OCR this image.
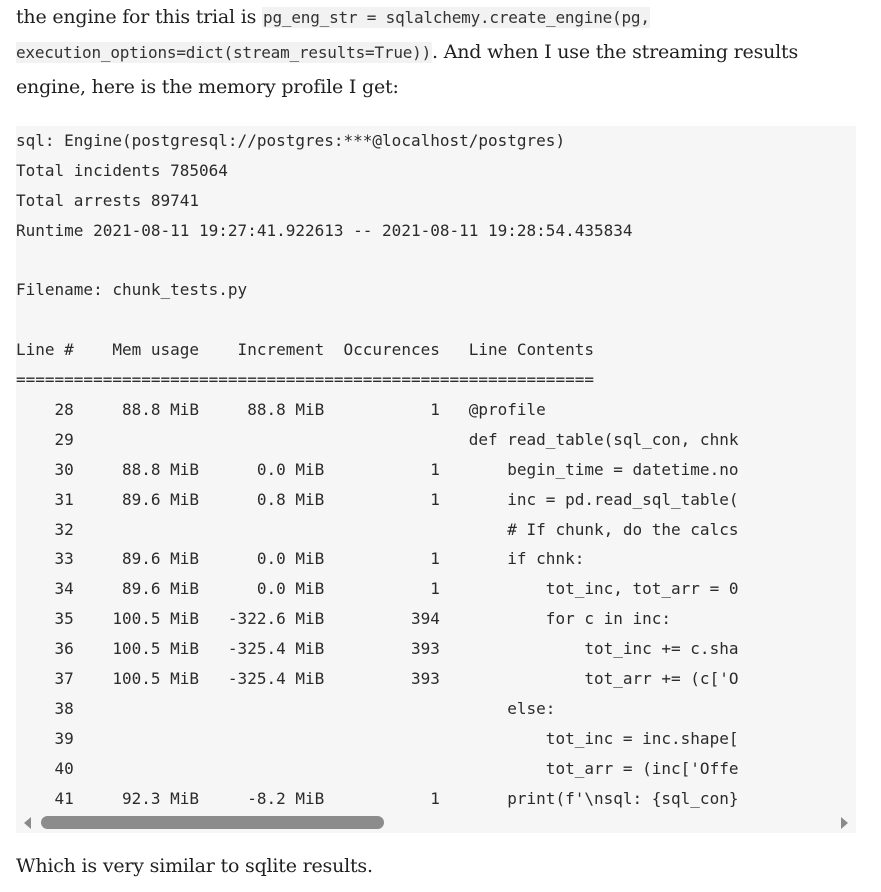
the engine for this trial is pg_eng_str = sqlalchemy.create_engine(pg, execution_options=dict(stream_results=True)). And when I use the streaming results engine, here is the memory profile I get:

sql: Engine(postgresql://postgres:***@localhost/postgres)
Total incidents 785064
Total arrests 89741
Runtime 2021-08-11 19:27:41.922613 -- 2021-08-11 19:28:54.435834

Filename: chunk_tests.py

Line #    Mem usage    Increment  Occurences   Line Contents
============================================================
28     88.8 MiB     88.8 MiB           1   @profile
29                                         def read_table(sql_con, chnk
30     88.8 MiB      0.0 MiB           1       begin_time = datetime.no
31     89.6 MiB      0.8 MiB           1       inc = pd.read_sql_table(
32                                             # If chunk, do the calcs
33     89.6 MiB      0.0 MiB           1       if chnk:
34     89.6 MiB      0.0 MiB           1           tot_inc, tot_arr = 0
35    100.5 MiB   -322.6 MiB         394           for c in inc:
36    100.5 MiB   -325.4 MiB         393               tot_inc += c.sha
37    100.5 MiB   -325.4 MiB         393               tot_arr += (c['O
38                                             else:
39                                                 tot_inc = inc.shape[
40                                                 tot_arr = (inc['Offe
41     92.3 MiB     -8.2 MiB           1       print(f'\nsql: {sql_con}

Which is very similar to sqlite results.
